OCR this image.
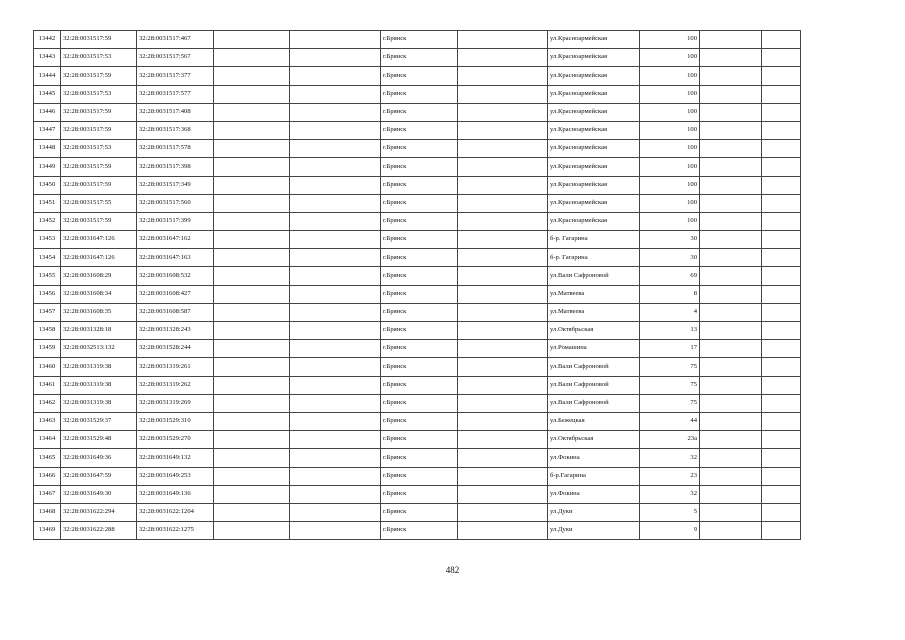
13442	32:28:0031517:59	32:28:0031517:467			г.Брянск		ул.Красноармейская	100		
13443	32:28:0031517:53	32:28:0031517:567			г.Брянск		ул.Красноармейская	100		
13444	32:28:0031517:59	32:28:0031517:377			г.Брянск		ул.Красноармейская	100		
13445	32:28:0031517:53	32:28:0031517:577			г.Брянск		ул.Красноармейская	100		
13446	32:28:0031517:59	32:28:0031517:408			г.Брянск		ул.Красноармейская	100		
13447	32:28:0031517:59	32:28:0031517:368			г.Брянск		ул.Красноармейская	100		
13448	32:28:0031517:53	32:28:0031517:578			г.Брянск		ул.Красноармейская	100		
13449	32:28:0031517:59	32:28:0031517:398			г.Брянск		ул.Красноармейская	100		
13450	32:28:0031517:59	32:28:0031517:349			г.Брянск		ул.Красноармейская	100		
13451	32:28:0031517:55	32:28:0031517:560			г.Брянск		ул.Красноармейская	100		
13452	32:28:0031517:59	32:28:0031517:399			г.Брянск		ул.Красноармейская	100		
13453	32:28:0031647:126	32:28:0031647:162			г.Брянск		б-р. Гагарина	30		
13454	32:28:0031647:126	32:28:0031647:163			г.Брянск		б-р. Гагарина	30		
13455	32:28:0031608:29	32:28:0031608:532			г.Брянск		ул.Вали Сафроновой	69		
13456	32:28:0031608:34	32:28:0031608:427			г.Брянск		ул.Матвеева	8		
13457	32:28:0031608:35	32:28:0031608:587			г.Брянск		ул.Матвеева	4		
13458	32:28:0031328:18	32:28:0031328:243			г.Брянск		ул.Октябрьская	13		
13459	32:28:0032513:132	32:28:0031528:244			г.Брянск		ул.Ромашина	17		
13460	32:28:0031319:38	32:28:0031319:261			г.Брянск		ул.Вали Сафроновой	75		
13461	32:28:0031319:38	32:28:0031319:262			г.Брянск		ул.Вали Сафроновой	75		
13462	32:28:0031319:38	32:28:0031319:269			г.Брянск		ул.Вали Сафроновой	75		
13463	32:28:0031529:37	32:28:0031529:310			г.Брянск		ул.Бежецкая	44		
13464	32:28:0031529:48	32:28:0031529:270			г.Брянск		ул.Октябрьская	23а		
13465	32:28:0031649:36	32:28:0031649:132			г.Брянск		ул.Фокина	32		
13466	32:28:0031647:59	32:28:0031649:253			г.Брянск		б-р.Гагарина	23		
13467	32:28:0031649:30	32:28:0031649:136			г.Брянск		ул.Фокина	32		
13468	32:28:0031622:294	32:28:0031622:1204			г.Брянск		ул.Дуки	5		
13469	32:28:0031622:288	32:28:0031622:1275			г.Брянск		ул.Дуки	9		
482
